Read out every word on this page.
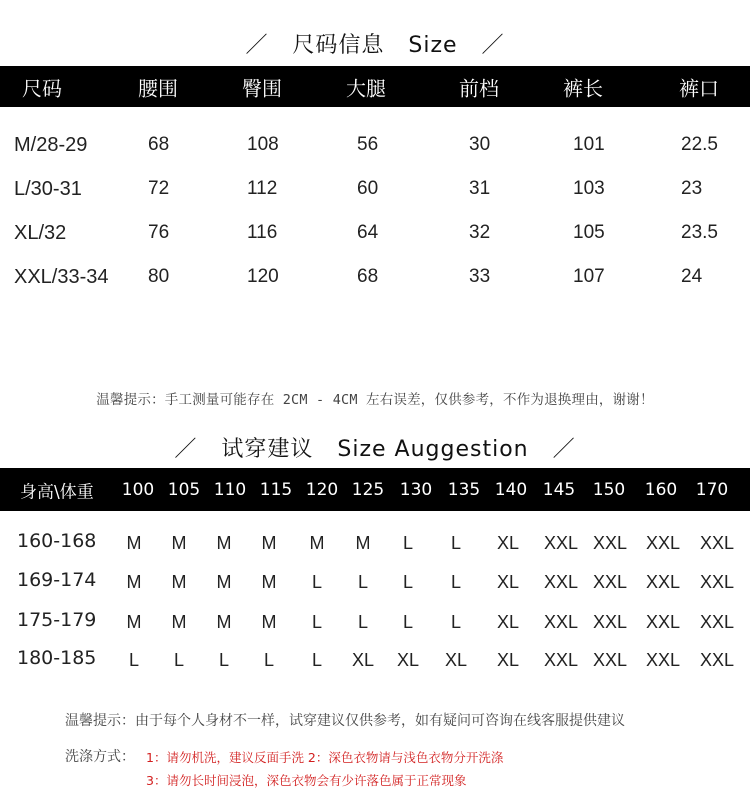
／   尺码信息   Size   ／
尺码	腰围	臀围	大腿	前档	裤长	裤口
M/28-29	68	108	56	30	101	22.5
L/30-31	72	112	60	31	103	23
XL/32	76	116	64	32	105	23.5
XXL/33-34 80	120	68	33	107	24
温馨提示：手工测量可能存在 2CM - 4CM 左右误差，仅供参考，不作为退换理由，谢谢！
／   试穿建议   Size Auggestion   ／
身高\体重	100 105 110 115 120 125 130 135 140 145	150	160	170
160-168	M	M	M	M	M	M	L	L	XL	XXL XXL	XXL	XXL
169-174	M	M	M	M	L	L	L	L	XL	XXL XXL	XXL	XXL
175-179	M	M	M	M	L	L	L	L	XL	XXL XXL	XXL	XXL
180-185	L	L	L	L	L	XL	XL	XL	XL	XXL XXL	XXL	XXL
温馨提示：由于每个人身材不一样，试穿建议仅供参考，如有疑问可咨询在线客服提供建议
洗涤方式： 1：请勿机洗，建议反面手洗 2：深色衣物请与浅色衣物分开洗涤
3：请勿长时间浸泡，深色衣物会有少许落色属于正常现象
